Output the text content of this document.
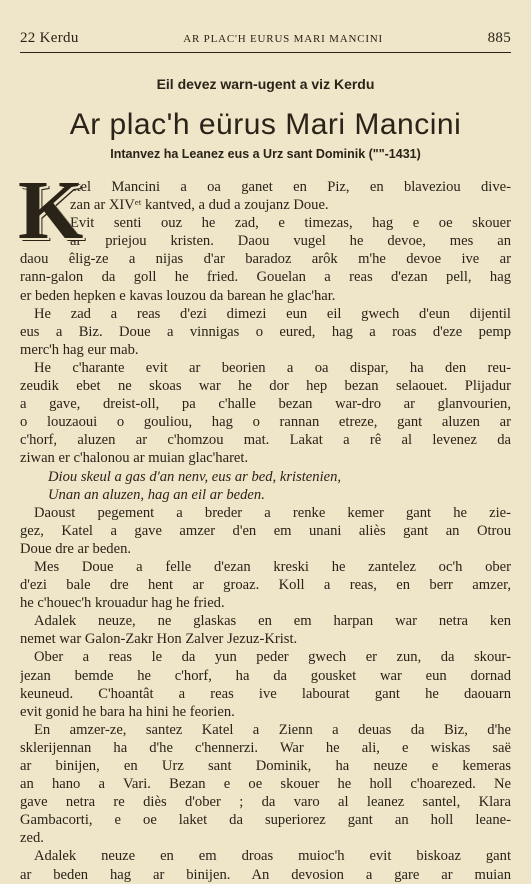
22 Kerdu	AR PLAC'H EURUS MARI MANCINI	885
Eil devez warn-ugent a viz Kerdu
Ar plac'h eürus Mari Mancini
Intanvez ha Leanez eus a Urz sant Dominik (""-1431)
K
atel Mancini a oa ganet en Piz, en blaveziou dive-
zan ar XIVᵉᵗ kantved, a dud a zoujanz Doue.
Evit senti ouz he zad, e timezas, hag e oe skouer
ar priejou kristen. Daou vugel he devoe, mes an
daou êlig-ze a nijas d'ar baradoz arôk m'he devoe ive ar
rann-galon da goll he fried. Gouelan a reas d'ezan pell, hag
er beden hepken e kavas louzou da barean he glac'har.
He zad a reas d'ezi dimezi eun eil gwech d'eun dijentil
eus a Biz. Doue a vinnigas o eured, hag a roas d'eze pemp
merc'h hag eur mab.
He c'harante evit ar beorien a oa dispar, ha den reu-
zeudik ebet ne skoas war he dor hep bezan selaouet. Plijadur
a gave, dreist-oll, pa c'halle bezan war-dro ar glanvourien,
o louzaoui o gouliou, hag o rannan etreze, gant aluzen ar
c'horf, aluzen ar c'homzou mat. Lakat a rê al levenez da
ziwan er c'halonou ar muian glac'haret.
Diou skeul a gas d'an nenv, eus ar bed, kristenien,
Unan an aluzen, hag an eil ar beden.
Daoust pegement a breder a renke kemer gant he zie-
gez, Katel a gave amzer d'en em unani aliès gant an Otrou
Doue dre ar beden.
Mes Doue a felle d'ezan kreski he zantelez oc'h ober
d'ezi bale dre hent ar groaz. Koll a reas, en berr amzer,
he c'houec'h krouadur hag he fried.
Adalek neuze, ne glaskas en em harpan war netra ken
nemet war Galon-Zakr Hon Zalver Jezuz-Krist.
Ober a reas le da yun peder gwech er zun, da skour-
jezan bemde he c'horf, ha da gousket war eun dornad
keuneud. C'hoantât a reas ive labourat gant he daouarn
evit gonid he bara ha hini he feorien.
En amzer-ze, santez Katel a Zienn a deuas da Biz, d'he
sklerijennan ha d'he c'hennerzi. War he ali, e wiskas saë
ar binijen, en Urz sant Dominik, ha neuze e kemeras
an hano a Vari. Bezan e oe skouer he holl c'hoarezed. Ne
gave netra re diès d'ober ; da varo al leanez santel, Klara
Gambacorti, e oe laket da superiorez gant an holl leane-
zed.
Adalek neuze en em droas muioc'h evit biskoaz gant
ar beden hag ar binijen. An devosion a gare ar muian
